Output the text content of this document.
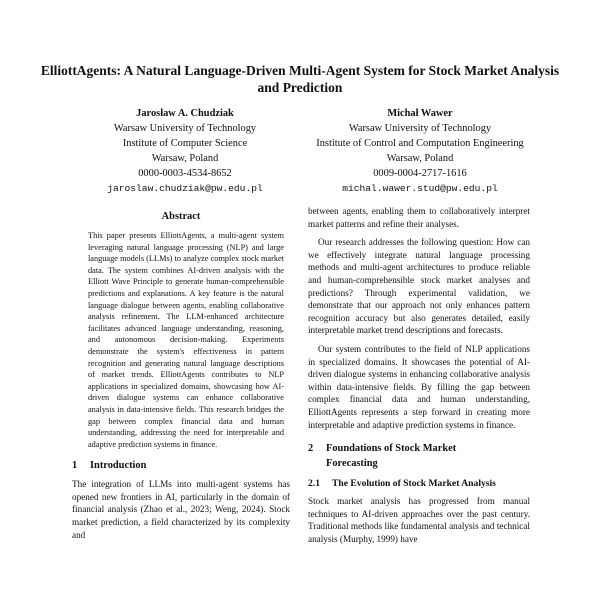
ElliottAgents: A Natural Language-Driven Multi-Agent System for Stock Market Analysis and Prediction
Jarosław A. Chudziak
Warsaw University of Technology
Institute of Computer Science
Warsaw, Poland
0000-0003-4534-8652
jaroslaw.chudziak@pw.edu.pl
Michał Wawer
Warsaw University of Technology
Institute of Control and Computation Engineering
Warsaw, Poland
0009-0004-2717-1616
michal.wawer.stud@pw.edu.pl
Abstract

This paper presents ElliottAgents, a multi-agent system leveraging natural language processing (NLP) and large language models (LLMs) to analyze complex stock market data. The system combines AI-driven analysis with the Elliott Wave Principle to generate human-comprehensible predictions and explanations. A key feature is the natural language dialogue between agents, enabling collaborative analysis refinement. The LLM-enhanced architecture facilitates advanced language understanding, reasoning, and autonomous decision-making. Experiments demonstrate the system's effectiveness in pattern recognition and generating natural language descriptions of market trends. ElliottAgents contributes to NLP applications in specialized domains, showcasing how AI-driven dialogue systems can enhance collaborative analysis in data-intensive fields. This research bridges the gap between complex financial data and human understanding, addressing the need for interpretable and adaptive prediction systems in finance.

1 Introduction

The integration of LLMs into multi-agent systems has opened new frontiers in AI, particularly in the domain of financial analysis (Zhao et al., 2023; Weng, 2024). Stock market prediction, a field characterized by its complexity and

between agents, enabling them to collaboratively interpret market patterns and refine their analyses.

Our research addresses the following question: How can we effectively integrate natural language processing methods and multi-agent architectures to produce reliable and human-comprehensible stock market analyses and predictions? Through experimental validation, we demonstrate that our approach not only enhances pattern recognition accuracy but also generates detailed, easily interpretable market trend descriptions and forecasts.

Our system contributes to the field of NLP applications in specialized domains. It showcases the potential of AI-driven dialogue systems in enhancing collaborative analysis within data-intensive fields. By filling the gap between complex financial data and human understanding, ElliottAgents represents a step forward in creating more interpretable and adaptive prediction systems in finance.

2 Foundations of Stock Market
Forecasting
2.1 The Evolution of Stock Market Analysis

Stock market analysis has progressed from manual techniques to AI-driven approaches over the past century. Traditional methods like fundamental analysis and technical analysis (Murphy, 1999) have
